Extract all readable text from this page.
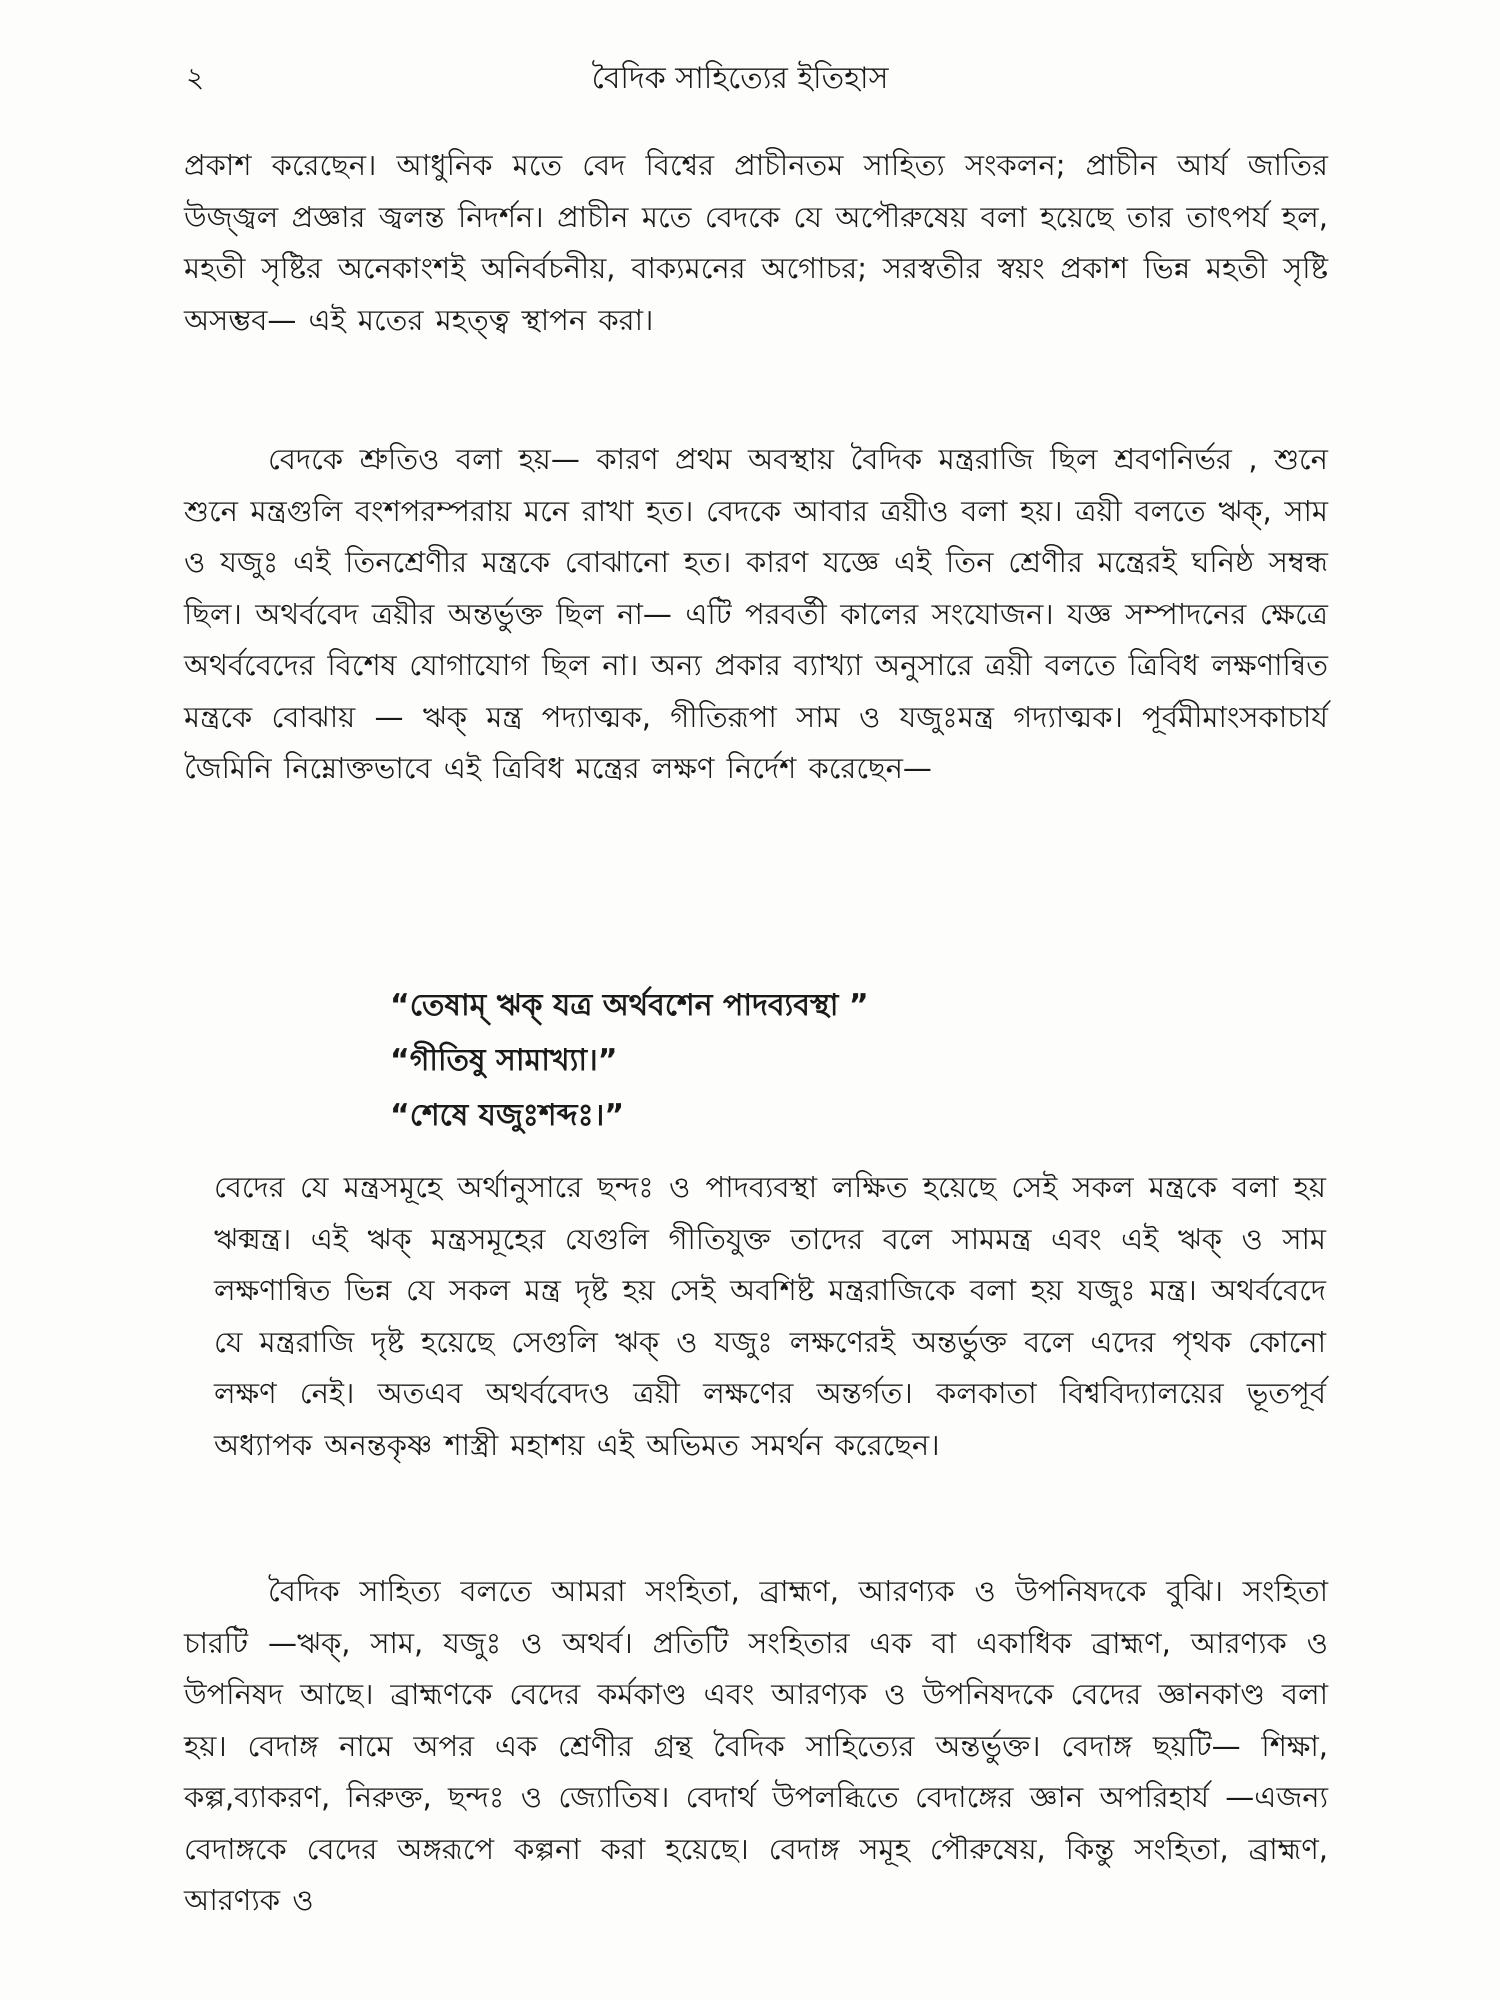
২	বৈদিক সাহিত্যের ইতিহাস

প্রকাশ করেছেন। আধুনিক মতে বেদ বিশ্বের প্রাচীনতম সাহিত্য সংকলন; প্রাচীন আর্য জাতির উজ্জ্বল প্রজ্ঞার জ্বলন্ত নিদর্শন। প্রাচীন মতে বেদকে যে অপৌরুষেয় বলা হয়েছে তার তাৎপর্য হল, মহতী সৃষ্টির অনেকাংশই অনির্বচনীয়, বাক্যমনের অগোচর; সরস্বতীর স্বয়ং প্রকাশ ভিন্ন মহতী সৃষ্টি অসম্ভব— এই মতের মহত্ত্ব স্থাপন করা।

বেদকে শ্রুতিও বলা হয়— কারণ প্রথম অবস্থায় বৈদিক মন্ত্ররাজি ছিল শ্রবণনির্ভর , শুনে শুনে মন্ত্রগুলি বংশপরম্পরায় মনে রাখা হত। বেদকে আবার ত্রয়ীও বলা হয়। ত্রয়ী বলতে ঋক্, সাম ও যজুঃ এই তিনশ্রেণীর মন্ত্রকে বোঝানো হত। কারণ যজ্ঞে এই তিন শ্রেণীর মন্ত্রেরই ঘনিষ্ঠ সম্বন্ধ ছিল। অথর্ববেদ ত্রয়ীর অন্তর্ভুক্ত ছিল না— এটি পরবর্তী কালের সংযোজন। যজ্ঞ সম্পাদনের ক্ষেত্রে অথর্ববেদের বিশেষ যোগাযোগ ছিল না। অন্য প্রকার ব্যাখ্যা অনুসারে ত্রয়ী বলতে ত্রিবিধ লক্ষণান্বিত মন্ত্রকে বোঝায় — ঋক্ মন্ত্র পদ্যাত্মক, গীতিরূপা সাম ও যজুঃমন্ত্র গদ্যাত্মক। পূর্বমীমাংসকাচার্য জৈমিনি নিম্নোক্তভাবে এই ত্রিবিধ মন্ত্রের লক্ষণ নির্দেশ করেছেন—

“তেষাম্ ঋক্ যত্র অর্থবশেন পাদব্যবস্থা ”
“গীতিষু সামাখ্যা।”
“শেষে যজুঃশব্দঃ।”

বেদের যে মন্ত্রসমূহে অর্থানুসারে ছন্দঃ ও পাদব্যবস্থা লক্ষিত হয়েছে সেই সকল মন্ত্রকে বলা হয় ঋক্মন্ত্র। এই ঋক্ মন্ত্রসমূহের যেগুলি গীতিযুক্ত তাদের বলে সামমন্ত্র এবং এই ঋক্ ও সাম লক্ষণান্বিত ভিন্ন যে সকল মন্ত্র দৃষ্ট হয় সেই অবশিষ্ট মন্ত্ররাজিকে বলা হয় যজুঃ মন্ত্র। অথর্ববেদে যে মন্ত্ররাজি দৃষ্ট হয়েছে সেগুলি ঋক্ ও যজুঃ লক্ষণেরই অন্তর্ভুক্ত বলে এদের পৃথক কোনো লক্ষণ নেই। অতএব অথর্ববেদও ত্রয়ী লক্ষণের অন্তর্গত। কলকাতা বিশ্ববিদ্যালয়ের ভূতপূর্ব অধ্যাপক অনন্তকৃষ্ণ শাস্ত্রী মহাশয় এই অভিমত সমর্থন করেছেন।

বৈদিক সাহিত্য বলতে আমরা সংহিতা, ব্রাহ্মণ, আরণ্যক ও উপনিষদকে বুঝি। সংহিতা চারটি —ঋক্, সাম, যজুঃ ও অথর্ব। প্রতিটি সংহিতার এক বা একাধিক ব্রাহ্মণ, আরণ্যক ও উপনিষদ আছে। ব্রাহ্মণকে বেদের কর্মকাণ্ড এবং আরণ্যক ও উপনিষদকে বেদের জ্ঞানকাণ্ড বলা হয়। বেদাঙ্গ নামে অপর এক শ্রেণীর গ্রন্থ বৈদিক সাহিত্যের অন্তর্ভুক্ত। বেদাঙ্গ ছয়টি— শিক্ষা, কল্প,ব্যাকরণ, নিরুক্ত, ছন্দঃ ও জ্যোতিষ। বেদার্থ উপলব্ধিতে বেদাঙ্গের জ্ঞান অপরিহার্য —এজন্য বেদাঙ্গকে বেদের অঙ্গরূপে কল্পনা করা হয়েছে। বেদাঙ্গ সমূহ পৌরুষেয়, কিন্তু সংহিতা, ব্রাহ্মণ, আরণ্যক ও
